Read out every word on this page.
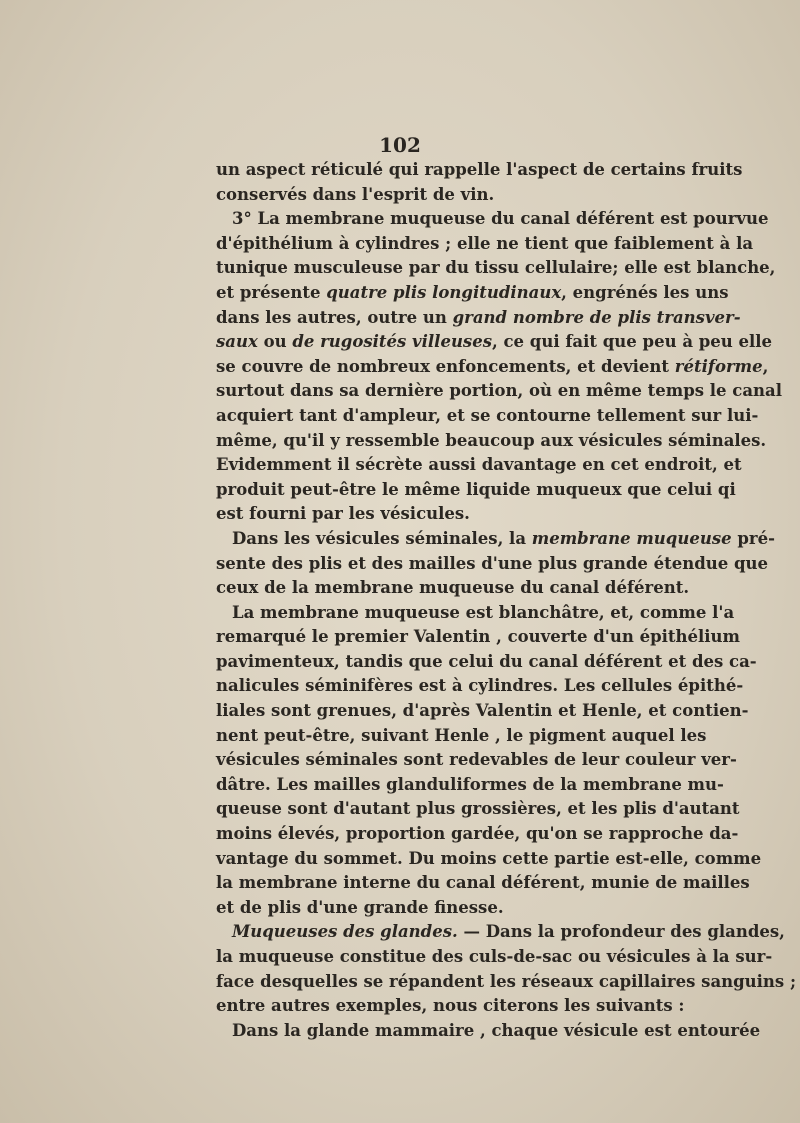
102
un aspect réticulé qui rappelle l'aspect de certains fruits
conservés dans l'esprit de vin.
3° La membrane muqueuse du canal déférent est pourvue
d'épithélium à cylindres ; elle ne tient que faiblement à la
tunique musculeuse par du tissu cellulaire; elle est blanche,
et présente quatre plis longitudinaux, engrénés les uns
dans les autres, outre un grand nombre de plis transver-
saux ou de rugosités villeuses, ce qui fait que peu à peu elle
se couvre de nombreux enfoncements, et devient rétiforme,
surtout dans sa dernière portion, où en même temps le canal
acquiert tant d'ampleur, et se contourne tellement sur lui-
même, qu'il y ressemble beaucoup aux vésicules séminales.
Evidemment il sécrète aussi davantage en cet endroit, et
produit peut-être le même liquide muqueux que celui qi
est fourni par les vésicules.
Dans les vésicules séminales, la membrane muqueuse pré-
sente des plis et des mailles d'une plus grande étendue que
ceux de la membrane muqueuse du canal déférent.
La membrane muqueuse est blanchâtre, et, comme l'a
remarqué le premier Valentin , couverte d'un épithélium
pavimenteux, tandis que celui du canal déférent et des ca-
nalicules séminifères est à cylindres. Les cellules épithé-
liales sont grenues, d'après Valentin et Henle, et contien-
nent peut-être, suivant Henle , le pigment auquel les
vésicules séminales sont redevables de leur couleur ver-
dâtre. Les mailles glanduliformes de la membrane mu-
queuse sont d'autant plus grossières, et les plis d'autant
moins élevés, proportion gardée, qu'on se rapproche da-
vantage du sommet. Du moins cette partie est-elle, comme
la membrane interne du canal déférent, munie de mailles
et de plis d'une grande finesse.
Muqueuses des glandes. — Dans la profondeur des glandes,
la muqueuse constitue des culs-de-sac ou vésicules à la sur-
face desquelles se répandent les réseaux capillaires sanguins ;
entre autres exemples, nous citerons les suivants :
Dans la glande mammaire , chaque vésicule est entourée
